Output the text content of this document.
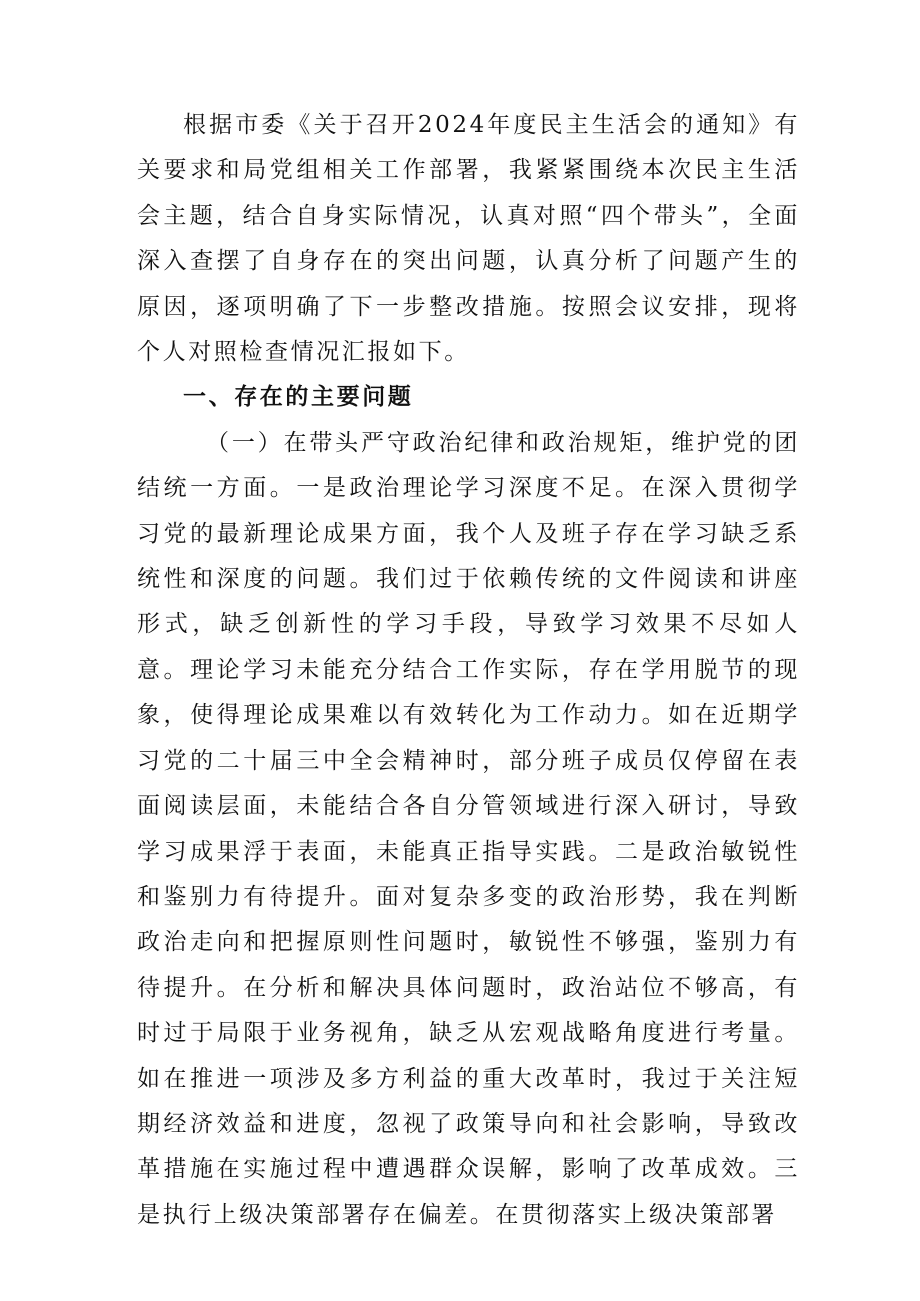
根据市委《关于召开2024年度民主生活会的通知》有关要求和局党组相关工作部署，我紧紧围绕本次民主生活会主题，结合自身实际情况，认真对照“四个带头”，全面深入查摆了自身存在的突出问题，认真分析了问题产生的原因，逐项明确了下一步整改措施。按照会议安排，现将个人对照检查情况汇报如下。

一、存在的主要问题

（一）在带头严守政治纪律和政治规矩，维护党的团结统一方面。一是政治理论学习深度不足。在深入贯彻学习党的最新理论成果方面，我个人及班子存在学习缺乏系统性和深度的问题。我们过于依赖传统的文件阅读和讲座形式，缺乏创新性的学习手段，导致学习效果不尽如人意。理论学习未能充分结合工作实际，存在学用脱节的现象，使得理论成果难以有效转化为工作动力。如在近期学习党的二十届三中全会精神时，部分班子成员仅停留在表面阅读层面，未能结合各自分管领域进行深入研讨，导致学习成果浮于表面，未能真正指导实践。二是政治敏锐性和鉴别力有待提升。面对复杂多变的政治形势，我在判断政治走向和把握原则性问题时，敏锐性不够强，鉴别力有待提升。在分析和解决具体问题时，政治站位不够高，有时过于局限于业务视角，缺乏从宏观战略角度进行考量。如在推进一项涉及多方利益的重大改革时，我过于关注短期经济效益和进度，忽视了政策导向和社会影响，导致改革措施在实施过程中遭遇群众误解，影响了改革成效。三是执行上级决策部署存在偏差。在贯彻落实上级决策部署
